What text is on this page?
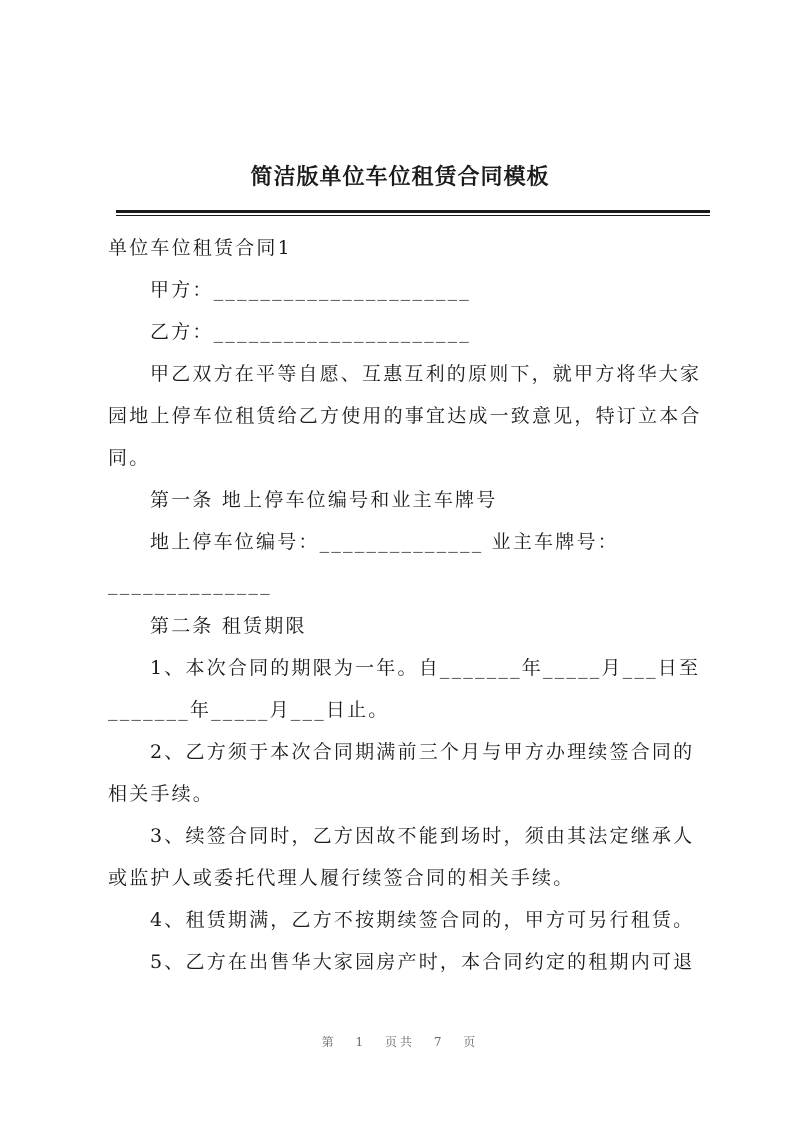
简洁版单位车位租赁合同模板
单位车位租赁合同1
甲方：______________________
乙方：______________________
甲乙双方在平等自愿、互惠互利的原则下，就甲方将华大家
园地上停车位租赁给乙方使用的事宜达成一致意见，特订立本合
同。
第一条 地上停车位编号和业主车牌号
地上停车位编号：______________ 业主车牌号：
______________
第二条 租赁期限
1、本次合同的期限为一年。自_______年_____月___日至
_______年_____月___日止。
2、乙方须于本次合同期满前三个月与甲方办理续签合同的
相关手续。
3、续签合同时，乙方因故不能到场时，须由其法定继承人
或监护人或委托代理人履行续签合同的相关手续。
4、租赁期满，乙方不按期续签合同的，甲方可另行租赁。
5、乙方在出售华大家园房产时，本合同约定的租期内可退
第 1 页共 7 页
